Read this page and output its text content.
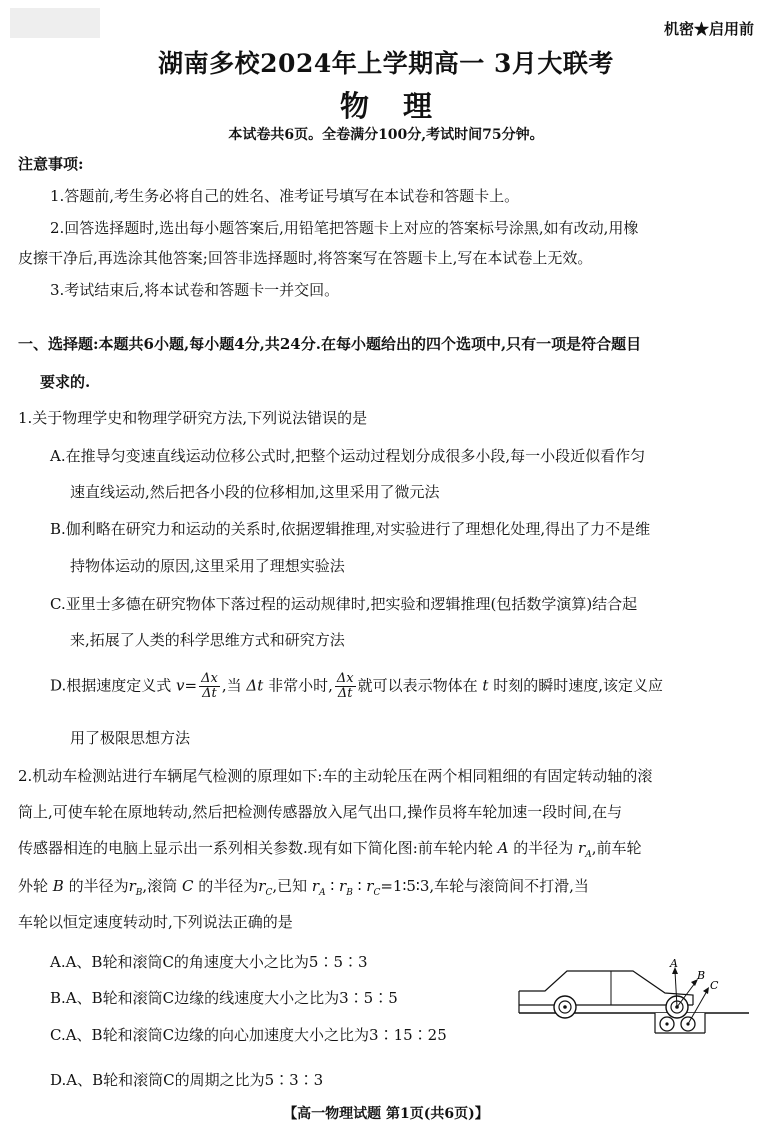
机密★启用前
湖南多校2024年上学期高一 3月大联考
物理
本试卷共6页。全卷满分100分,考试时间75分钟。
注意事项:
1.答题前,考生务必将自己的姓名、准考证号填写在本试卷和答题卡上。
2.回答选择题时,选出每小题答案后,用铅笔把答题卡上对应的答案标号涂黑,如有改动,用橡
皮擦干净后,再选涂其他答案;回答非选择题时,将答案写在答题卡上,写在本试卷上无效。
3.考试结束后,将本试卷和答题卡一并交回。
一、选择题:本题共6小题,每小题4分,共24分.在每小题给出的四个选项中,只有一项是符合题目
要求的.
1.关于物理学史和物理学研究方法,下列说法错误的是
A.在推导匀变速直线运动位移公式时,把整个运动过程划分成很多小段,每一小段近似看作匀
速直线运动,然后把各小段的位移相加,这里采用了微元法
B.伽利略在研究力和运动的关系时,依据逻辑推理,对实验进行了理想化处理,得出了力不是维
持物体运动的原因,这里采用了理想实验法
C.亚里士多德在研究物体下落过程的运动规律时,把实验和逻辑推理(包括数学演算)结合起
来,拓展了人类的科学思维方式和研究方法
D.根据速度定义式 $v= \frac{\Delta x}{\Delta t}$ ,当 Δt 非常小时, $\frac{\Delta x}{\Delta t}$ 就可以表示物体在 t 时刻的瞬时速度,该定义应
用了极限思想方法
2.机动车检测站进行车辆尾气检测的原理如下:车的主动轮压在两个相同粗细的有固定转动轴的滚
筒上,可使车轮在原地转动,然后把检测传感器放入尾气出口,操作员将车轮加速一段时间,在与
传感器相连的电脑上显示出一系列相关参数.现有如下简化图:前车轮内轮 A 的半径为 $r_A$,前车轮
外轮 B 的半径为$r_B$,滚筒 C 的半径为$r_C$,已知 $r_A$ ∶ $r_B$ ∶ $r_C=1∶5∶3$,车轮与滚筒间不打滑,当
车轮以恒定速度转动时,下列说法正确的是
A.A、B轮和滚筒C的角速度大小之比为5∶5∶3
B.A、B轮和滚筒C边缘的线速度大小之比为3∶5∶5
C.A、B轮和滚筒C边缘的向心加速度大小之比为3∶15∶25
D.A、B轮和滚筒C的周期之比为5∶3∶3
A
B
C
【高一物理试题 第1页(共6页)】
